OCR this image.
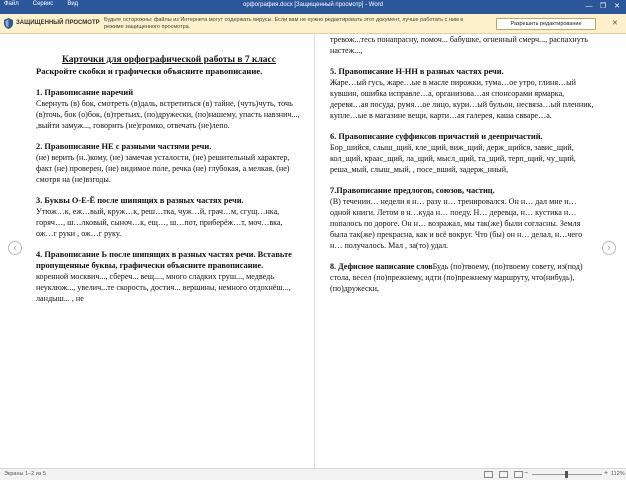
Файл Сервис Вид	орфография.docx [Защищенный просмотр] - Word	—	❐	✕
ЗАЩИЩЕННЫЙ ПРОСМОТР Будьте осторожны: файлы из Интернета могут содержать вирусы. Если вам не нужно редактировать этот документ, лучше работать с ним в режиме защищенного просмотра.	Разрешить редактирование	✕
‹	›
Карточки для орфографической работы в 7 класс
Раскройте скобки и графически объясните правописание.
1. Правописание наречий
Свернуть (в) бок, смотреть (в)даль, встретиться (в) тайне, (чуть)чуть, точь (в)точь, бок (о)бок, (в)третьих, (по)дружески, (по)нашему, упасть навзнич..., ,выйти замуж..., говорить (не)громко, отвечать (не)лепо.
2. Правописание НЕ с разными частями речи.
(не) верить (н..)кому, (не) замечая усталости, (не) решительный характер, факт (не) проверен, (не) видимое поле, речка (не) глубокая, а мелкая, (не) смотря на (не)взгоды.
3. Буквы О-Е-Ё после шипящих в разных частях речи.
Утюж…к, еж…вый, круж…к, реш…тка, чуж…й, грач…м, сгущ…нка, горяч…, ш…лковый, сыноч…к, ещ…, ш…пот, приберёж…т, моч…вка, ож…г руки , ож…г руку.
4. Правописание Ь после шипящих в разных частях речи. Вставьте пропущенные буквы, графически объясните правописание.
коренной москвич..., сбереч... вещ...., много сладких груш..., медведь неуклюж..., увелич...те скорость, достич... вершины, немного отдохнёш..., ландыш... , не
тревож...тесь понапрасну, помоч... бабушке, огненный смерч..., распахнуть настеж...,
5. Правописание Н-НН в разных частях речи.
Жаре…ый гусь, жаре…ые в масле пирожки, тума…ое утро, глиня…ый кувшин, ошибка исправле…а, организова…ая спонсорами ярмарка, деревя…ая посуда, румя…ое лицо, кури…ый бульон, несвяза…ый пленник, купле…ые в магазине вещи, карти…ая галерея, каша свваре…а.
6. Правописание суффиксов причастий и деепричастий.
Бор_шийся, слыш_щий, кле_щий, виж_щий, держ_щийся, завис_щий, кол_щий, краас_щий, ла_щий, мысл_щий, та_щий, терп_щий, чу_щий, реша_мый, слыш_мый, , посе_вший, задерж_нный,
7.Правописание предлогов, союзов, частиц.
(В) течении… недели я н… разу н… тренировался. Он н… дал мне н… одной книги. Летом я н…куда н… поеду. Н… деревца, н… кустика н… попалось по дороге. Он н… возражал, мы так(же) были согласны. Земля была так(же) прекрасна, как и всё вокруг. Что (бы) он н… делал, н…чего н… получалось. Мал , за(то) удал.
8. Дефисное написание словБудь (по)твоему, (по)твоему совету, из(под) стола, весел (по)прежнему, идти (по)прежнему маршруту, что(нибудь), (по)дружески,
Экраны 1–2 из 5	−	+ 112%
